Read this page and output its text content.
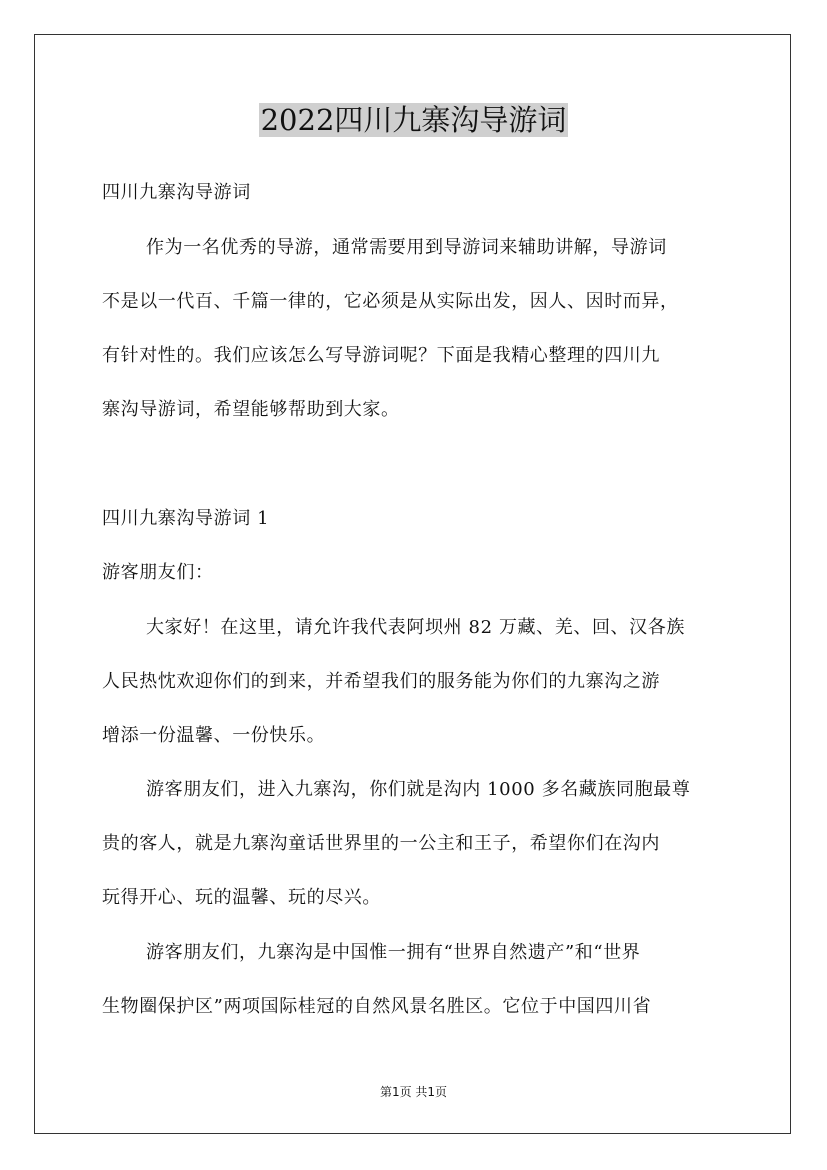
2022四川九寨沟导游词
四川九寨沟导游词
作为一名优秀的导游，通常需要用到导游词来辅助讲解，导游词
不是以一代百、千篇一律的，它必须是从实际出发，因人、因时而异，
有针对性的。我们应该怎么写导游词呢？下面是我精心整理的四川九
寨沟导游词，希望能够帮助到大家。
四川九寨沟导游词 1
游客朋友们：
大家好！在这里，请允许我代表阿坝州 82 万藏、羌、回、汉各族
人民热忱欢迎你们的到来，并希望我们的服务能为你们的九寨沟之游
增添一份温馨、一份快乐。
游客朋友们，进入九寨沟，你们就是沟内 1000 多名藏族同胞最尊
贵的客人，就是九寨沟童话世界里的一公主和王子，希望你们在沟内
玩得开心、玩的温馨、玩的尽兴。
游客朋友们，九寨沟是中国惟一拥有“世界自然遗产”和“世界
生物圈保护区”两项国际桂冠的自然风景名胜区。它位于中国四川省
第1页 共1页
